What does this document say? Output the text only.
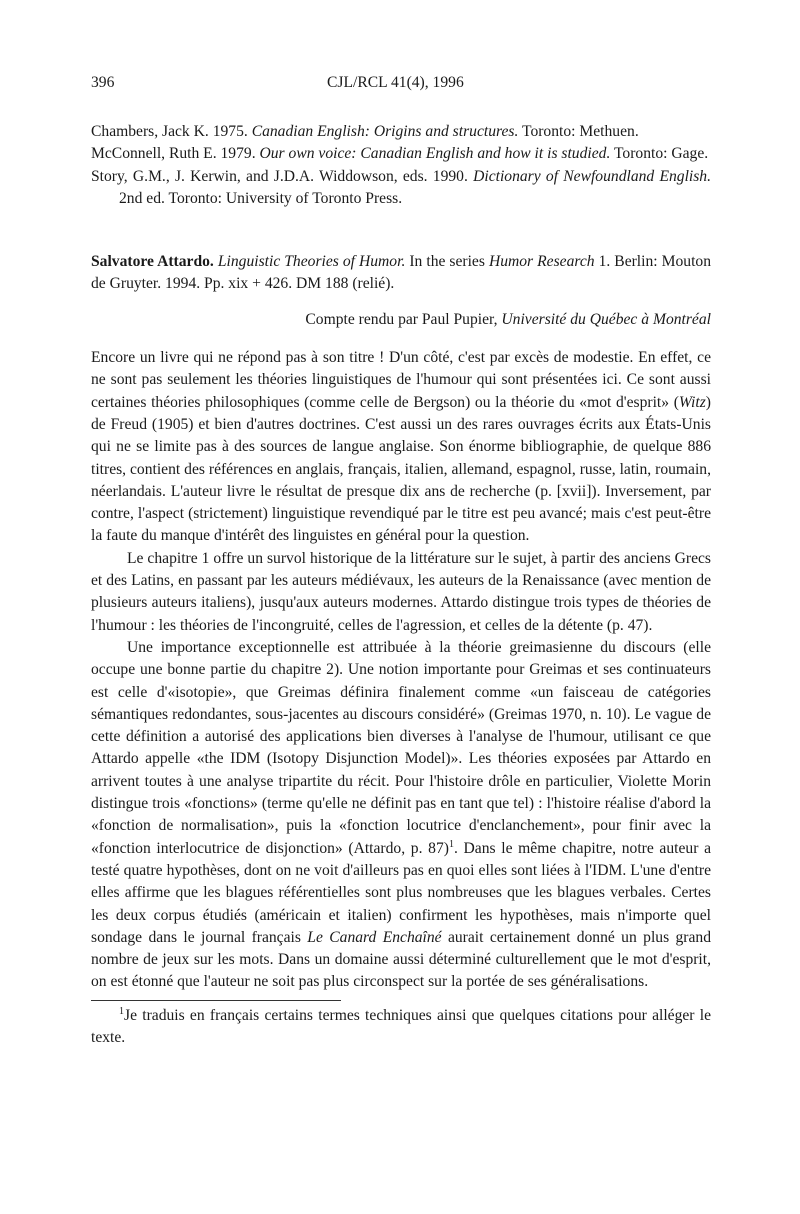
396	CJL/RCL 41(4), 1996

Chambers, Jack K. 1975. Canadian English: Origins and structures. Toronto: Methuen.

McConnell, Ruth E. 1979. Our own voice: Canadian English and how it is studied. Toronto: Gage.

Story, G.M., J. Kerwin, and J.D.A. Widdowson, eds. 1990. Dictionary of Newfoundland English. 2nd ed. Toronto: University of Toronto Press.

Salvatore Attardo. Linguistic Theories of Humor. In the series Humor Research 1. Berlin: Mouton de Gruyter. 1994. Pp. xix + 426. DM 188 (relié).

Compte rendu par Paul Pupier, Université du Québec à Montréal

Encore un livre qui ne répond pas à son titre ! D'un côté, c'est par excès de modestie. En effet, ce ne sont pas seulement les théories linguistiques de l'humour qui sont présentées ici. Ce sont aussi certaines théories philosophiques (comme celle de Bergson) ou la théorie du «mot d'esprit» (Witz) de Freud (1905) et bien d'autres doctrines. C'est aussi un des rares ouvrages écrits aux États-Unis qui ne se limite pas à des sources de langue anglaise. Son énorme bibliographie, de quelque 886 titres, contient des références en anglais, français, italien, allemand, espagnol, russe, latin, roumain, néerlandais. L'auteur livre le résultat de presque dix ans de recherche (p. [xvii]). Inversement, par contre, l'aspect (strictement) linguistique revendiqué par le titre est peu avancé; mais c'est peut-être la faute du manque d'intérêt des linguistes en général pour la question.

Le chapitre 1 offre un survol historique de la littérature sur le sujet, à partir des anciens Grecs et des Latins, en passant par les auteurs médiévaux, les auteurs de la Renaissance (avec mention de plusieurs auteurs italiens), jusqu'aux auteurs modernes. Attardo distingue trois types de théories de l'humour : les théories de l'incongruité, celles de l'agression, et celles de la détente (p. 47).

Une importance exceptionnelle est attribuée à la théorie greimasienne du discours (elle occupe une bonne partie du chapitre 2). Une notion importante pour Greimas et ses continuateurs est celle d'«isotopie», que Greimas définira finalement comme «un faisceau de catégories sémantiques redondantes, sous-jacentes au discours considéré» (Greimas 1970, n. 10). Le vague de cette définition a autorisé des applications bien diverses à l'analyse de l'humour, utilisant ce que Attardo appelle «the IDM (Isotopy Disjunction Model)». Les théories exposées par Attardo en arrivent toutes à une analyse tripartite du récit. Pour l'histoire drôle en particulier, Violette Morin distingue trois «fonctions» (terme qu'elle ne définit pas en tant que tel) : l'histoire réalise d'abord la «fonction de normalisation», puis la «fonction locutrice d'enclanchement», pour finir avec la «fonction interlocutrice de disjonction» (Attardo, p. 87)$^1$. Dans le même chapitre, notre auteur a testé quatre hypothèses, dont on ne voit d'ailleurs pas en quoi elles sont liées à l'IDM. L'une d'entre elles affirme que les blagues référentielles sont plus nombreuses que les blagues verbales. Certes les deux corpus étudiés (américain et italien) confirment les hypothèses, mais n'importe quel sondage dans le journal français Le Canard Enchaîné aurait certainement donné un plus grand nombre de jeux sur les mots. Dans un domaine aussi déterminé culturellement que le mot d'esprit, on est étonné que l'auteur ne soit pas plus circonspect sur la portée de ses généralisations.

$^1$Je traduis en français certains termes techniques ainsi que quelques citations pour alléger le texte.
